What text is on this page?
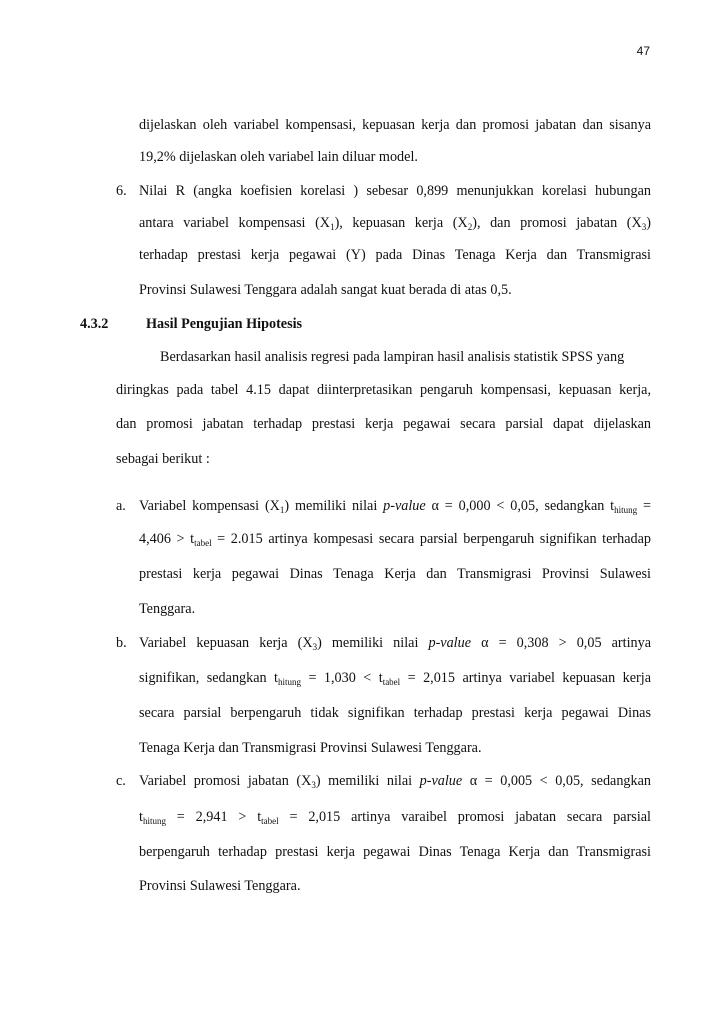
47
dijelaskan oleh variabel kompensasi, kepuasan kerja dan promosi jabatan dan sisanya
19,2% dijelaskan oleh variabel lain diluar model.
6. Nilai R (angka koefisien korelasi ) sebesar 0,899 menunjukkan korelasi hubungan
antara variabel kompensasi $(X_1)$, kepuasan kerja $(X_2)$, dan promosi jabatan $(X_3)$
terhadap prestasi kerja pegawai (Y) pada Dinas Tenaga Kerja dan Transmigrasi
Provinsi Sulawesi Tenggara adalah sangat kuat berada di atas 0,5.
4.3.2	Hasil Pengujian Hipotesis
Berdasarkan hasil analisis regresi pada lampiran hasil analisis statistik SPSS yang
diringkas pada tabel 4.15 dapat diinterpretasikan pengaruh kompensasi, kepuasan kerja,
dan promosi jabatan terhadap prestasi kerja pegawai secara parsial dapat dijelaskan
sebagai berikut :
a. Variabel kompensasi $(X_1)$ memiliki nilai p-value α = 0,000 < 0,05, sedangkan $t_{hitung}$ =
$4,406 > t_{tabel} = 2.015$ artinya kompesasi secara parsial berpengaruh signifikan terhadap
prestasi kerja pegawai Dinas Tenaga Kerja dan Transmigrasi Provinsi Sulawesi
Tenggara.
b. Variabel kepuasan kerja $(X_3)$ memiliki nilai p-value α = 0,308 > 0,05 artinya
signifikan, sedangkan $t_{hitung} = 1,030 < t_{tabel} = 2,015$ artinya variabel kepuasan kerja
secara parsial berpengaruh tidak signifikan terhadap prestasi kerja pegawai Dinas
Tenaga Kerja dan Transmigrasi Provinsi Sulawesi Tenggara.
c. Variabel promosi jabatan $(X_3)$ memiliki nilai p-value α = 0,005 < 0,05, sedangkan
$t_{hitung} = 2,941 > t_{tabel} = 2,015$ artinya varaibel promosi jabatan secara parsial
berpengaruh terhadap prestasi kerja pegawai Dinas Tenaga Kerja dan Transmigrasi
Provinsi Sulawesi Tenggara.
